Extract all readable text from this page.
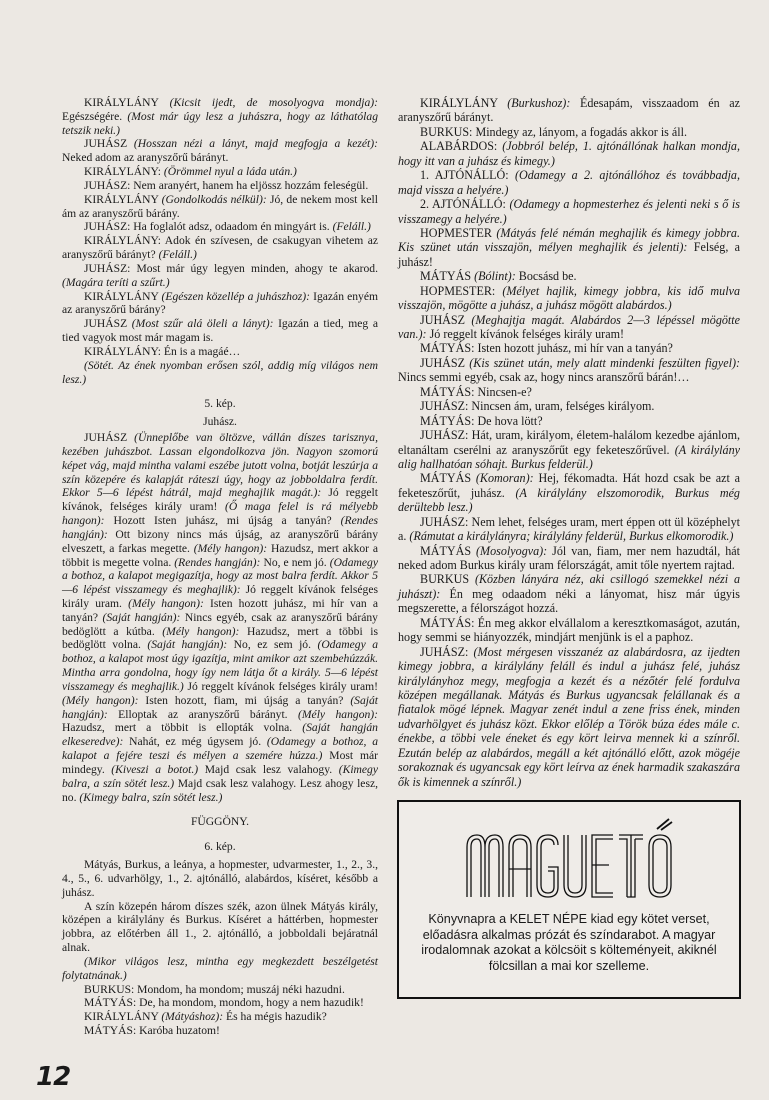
KIRÁLYLÁNY (Kicsit ijedt, de mosolyogva mondja): Egészségére. (Most már úgy lesz a juhászra, hogy az láthatólag tetszik neki.)
JUHÁSZ (Hosszan nézi a lányt, majd megfogja a kezét): Neked adom az aranyszőrű bárányt.
KIRÁLYLÁNY: (Örömmel nyul a láda után.)
JUHÁSZ: Nem aranyért, hanem ha eljössz hozzám feleségül.
KIRÁLYLÁNY (Gondolkodás nélkül): Jó, de nekem most kell ám az aranyszőrű bárány.
JUHÁSZ: Ha foglalót adsz, odaadom én mingyárt is. (Feláll.)
KIRÁLYLÁNY: Adok én szívesen, de csakugyan vihetem az aranyszőrű bárányt? (Feláll.)
JUHÁSZ: Most már úgy legyen minden, ahogy te akarod. (Magára teríti a szűrt.)
KIRÁLYLÁNY (Egészen közellép a juhászhoz): Igazán enyém az aranyszőrű bárány?
JUHÁSZ (Most szűr alá öleli a lányt): Igazán a tied, meg a tied vagyok most már magam is.
KIRÁLYLÁNY: Én is a magáé…
(Sötét. Az ének nyomban erősen szól, addig míg világos nem lesz.)
5. kép.
Juhász.
JUHÁSZ (Ünneplőbe van öltözve, vállán díszes tarisznya, kezében juhászbot. Lassan elgondolkozva jön. Nagyon szomorú képet vág, majd mintha valami eszébe jutott volna, botját leszúrja a szín közepére és kalapját ráteszi úgy, hogy az jobboldalra ferdít. Ekkor 5—6 lépést hátrál, majd meghajlik magát.): Jó reggelt kívánok, felséges király uram! (Ő maga felel is rá mélyebb hangon): Hozott Isten juhász, mi újság a tanyán? (Rendes hangján): Ott bizony nincs más újság, az aranyszőrű bárány elveszett, a farkas megette. (Mély hangon): Hazudsz, mert akkor a többit is megette volna. (Rendes hangján): No, e nem jó. (Odamegy a bothoz, a kalapot megigazítja, hogy az most balra ferdít. Akkor 5—6 lépést visszamegy és meghajlik): Jó reggelt kívánok felséges király uram. (Mély hangon): Isten hozott juhász, mi hír van a tanyán? (Saját hangján): Nincs egyéb, csak az aranyszőrű bárány bedöglött a kútba. (Mély hangon): Hazudsz, mert a többi is bedöglött volna. (Saját hangján): No, ez sem jó. (Odamegy a bothoz, a kalapot most úgy igazítja, mint amikor azt szembehúzzák. Mintha arra gondolna, hogy így nem látja őt a király. 5—6 lépést visszamegy és meghajlik.) Jó reggelt kívánok felséges király uram! (Mély hangon): Isten hozott, fiam, mi újság a tanyán? (Saját hangján): Elloptak az aranyszőrű bárányt. (Mély hangon): Hazudsz, mert a többit is ellopták volna. (Saját hangján elkeseredve): Nahát, ez még úgysem jó. (Odamegy a bothoz, a kalapot a fejére teszi és mélyen a szemére húzza.) Most már mindegy. (Kiveszi a botot.) Majd csak lesz valahogy. (Kimegy balra, a szín sötét lesz.) Majd csak lesz valahogy. Lesz ahogy lesz, no. (Kimegy balra, szín sötét lesz.)
FÜGGÖNY.
6. kép.
Mátyás, Burkus, a leánya, a hopmester, udvarmester, 1., 2., 3., 4., 5., 6. udvarhölgy, 1., 2. ajtónálló, alabárdos, kíséret, később a juhász.
A szín közepén három díszes szék, azon ülnek Mátyás király, középen a királylány és Burkus. Kíséret a háttérben, hopmester jobbra, az előtérben áll 1., 2. ajtónálló, a jobboldali bejáratnál alnak.
(Mikor világos lesz, mintha egy megkezdett beszélgetést folytatnának.)
BURKUS: Mondom, ha mondom; muszáj néki hazudni.
MÁTYÁS: De, ha mondom, mondom, hogy a nem hazudik!
KIRÁLYLÁNY (Mátyáshoz): És ha mégis hazudik?
MÁTYÁS: Karóba huzatom!
KIRÁLYLÁNY (Burkushoz): Édesapám, visszaadom én az aranyszőrű bárányt.
BURKUS: Mindegy az, lányom, a fogadás akkor is áll.
ALABÁRDOS: (Jobbról belép, 1. ajtónállónak halkan mondja, hogy itt van a juhász és kimegy.)
1. AJTÓNÁLLÓ: (Odamegy a 2. ajtónállóhoz és továbbadja, majd vissza a helyére.)
2. AJTÓNÁLLÓ: (Odamegy a hopmesterhez és jelenti neki s ő is visszamegy a helyére.)
HOPMESTER (Mátyás felé némán meghajlik és kimegy jobbra. Kis szünet után visszajön, mélyen meghajlik és jelenti): Felség, a juhász!
MÁTYÁS (Bólint): Bocsásd be.
HOPMESTER: (Mélyet hajlik, kimegy jobbra, kis idő mulva visszajön, mögötte a juhász, a juhász mögött alabárdos.)
JUHÁSZ (Meghajtja magát. Alabárdos 2—3 lépéssel mögötte van.): Jó reggelt kívánok felséges király uram!
MÁTYÁS: Isten hozott juhász, mi hír van a tanyán?
JUHÁSZ (Kis szünet után, mely alatt mindenki feszülten figyel): Nincs semmi egyéb, csak az, hogy nincs aranszőrű bárán!…
MÁTYÁS: Nincsen-e?
JUHÁSZ: Nincsen ám, uram, felséges királyom.
MÁTYÁS: De hova lött?
JUHÁSZ: Hát, uram, királyom, életem-halálom kezedbe ajánlom, eltanáltam cserélni az aranyszőrűt egy feketeszőrűvel. (A királylány alig hallhatóan sóhajt. Burkus felderül.)
MÁTYÁS (Komoran): Hej, fékomadta. Hát hozd csak be azt a feketeszőrűt, juhász. (A királylány elszomorodik, Burkus még derültebb lesz.)
JUHÁSZ: Nem lehet, felséges uram, mert éppen ott ül középhelyt a. (Rámutat a királylányra; királylány felderül, Burkus elkomorodik.)
MÁTYÁS (Mosolyogva): Jól van, fiam, mer nem hazudtál, hát neked adom Burkus király uram félországát, amit tőle nyertem rajtad.
BURKUS (Közben lányára néz, aki csillogó szemekkel nézi a juhászt): Én meg odaadom néki a lányomat, hisz már úgyis megszerette, a félországot hozzá.
MÁTYÁS: Én meg akkor elvállalom a keresztkomaságot, azután, hogy semmi se hiányozzék, mindjárt menjünk is el a paphoz.
JUHÁSZ: (Most mérgesen visszanéz az alabárdosra, az ijedten kimegy jobbra, a királylány feláll és indul a juhász felé, juhász királylányhoz megy, megfogja a kezét és a nézőtér felé fordulva középen megállanak. Mátyás és Burkus ugyancsak felállanak és a fiatalok mögé lépnek. Magyar zenét indul a zene friss ének, minden udvarhölgyet és juhász közt. Ekkor előlép a Török búza édes mále c. énekbe, a többi vele éneket és egy kört leirva mennek ki a színről. Ezután belép az alabárdos, megáll a két ajtónálló előtt, azok mögéje sorakoznak és ugyancsak egy kört leírva az ének harmadik szakaszára ők is kimennek a színről.)
Könyvnapra a KELET NÉPE kiad egy kötet verset, előadásra alkalmas prózát és színdarabot. A magyar irodalomnak azokat a kölcsöit s költeményeit, akiknél fölcsillan a mai kor szelleme.
12
